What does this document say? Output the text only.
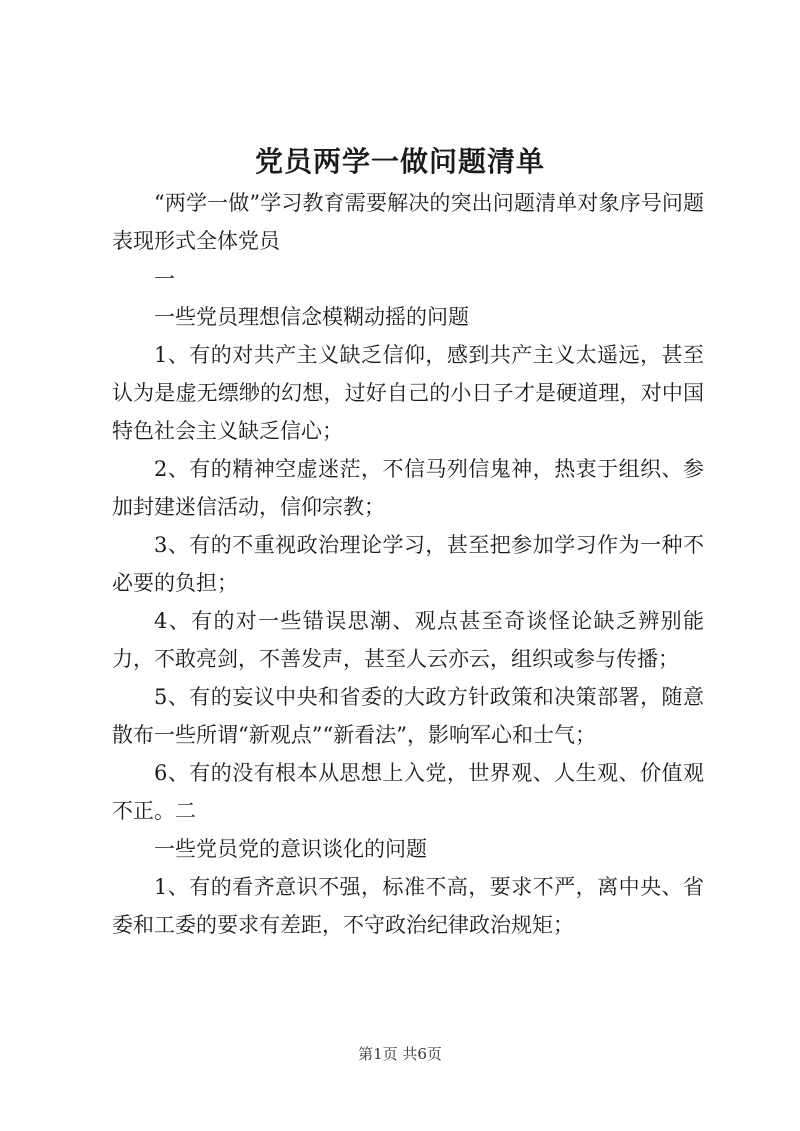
党员两学一做问题清单

“两学一做”学习教育需要解决的突出问题清单对象序号问题表现形式全体党员

一

一些党员理想信念模糊动摇的问题

1、有的对共产主义缺乏信仰，感到共产主义太遥远，甚至认为是虚无缥缈的幻想，过好自己的小日子才是硬道理，对中国特色社会主义缺乏信心；

2、有的精神空虚迷茫，不信马列信鬼神，热衷于组织、参加封建迷信活动，信仰宗教；

3、有的不重视政治理论学习，甚至把参加学习作为一种不必要的负担；

4、有的对一些错误思潮、观点甚至奇谈怪论缺乏辨别能力，不敢亮剑，不善发声，甚至人云亦云，组织或参与传播；

5、有的妄议中央和省委的大政方针政策和决策部署，随意散布一些所谓“新观点”“新看法”，影响军心和士气；

6、有的没有根本从思想上入党，世界观、人生观、价值观不正。二

一些党员党的意识谈化的问题

1、有的看齐意识不强，标准不高，要求不严，离中央、省委和工委的要求有差距，不守政治纪律政治规矩；

第1页 共6页
